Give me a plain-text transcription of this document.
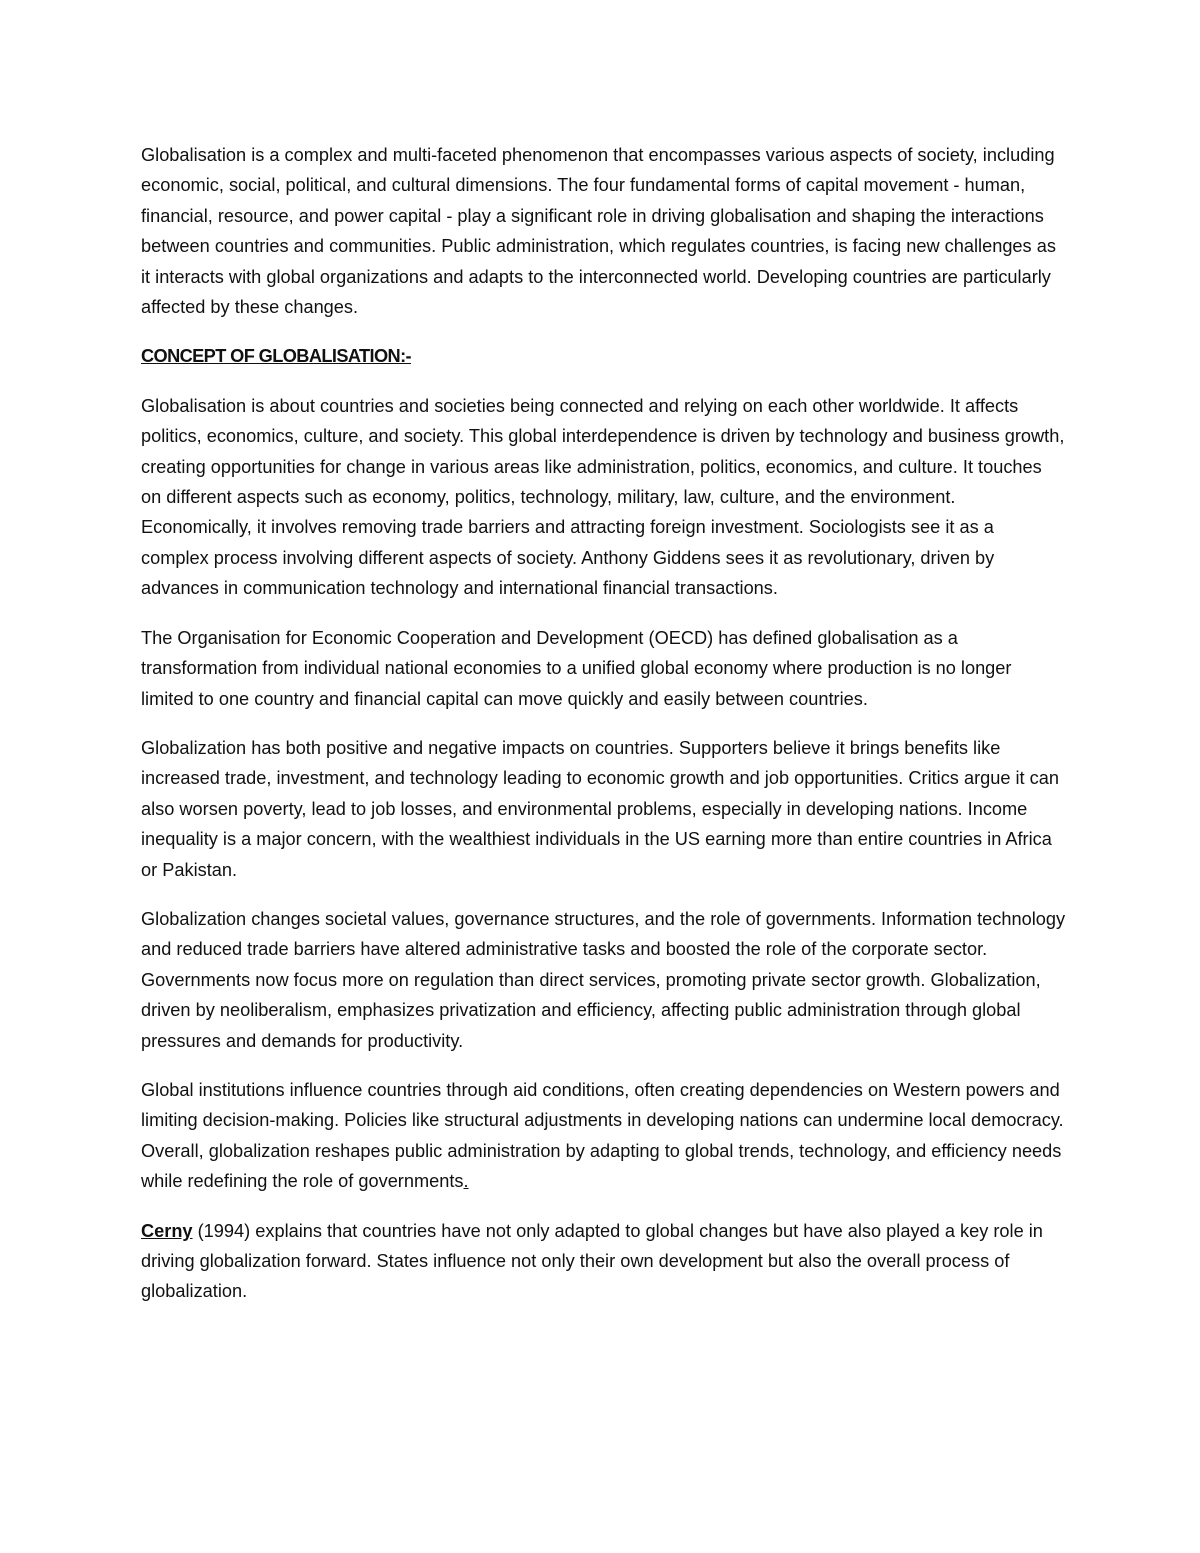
Globalisation is a complex and multi-faceted phenomenon that encompasses various aspects of society, including economic, social, political, and cultural dimensions. The four fundamental forms of capital movement - human, financial, resource, and power capital - play a significant role in driving globalisation and shaping the interactions between countries and communities. Public administration, which regulates countries, is facing new challenges as it interacts with global organizations and adapts to the interconnected world. Developing countries are particularly affected by these changes.

CONCEPT OF GLOBALISATION:-

Globalisation is about countries and societies being connected and relying on each other worldwide. It affects politics, economics, culture, and society. This global interdependence is driven by technology and business growth, creating opportunities for change in various areas like administration, politics, economics, and culture. It touches on different aspects such as economy, politics, technology, military, law, culture, and the environment. Economically, it involves removing trade barriers and attracting foreign investment. Sociologists see it as a complex process involving different aspects of society. Anthony Giddens sees it as revolutionary, driven by advances in communication technology and international financial transactions.

The Organisation for Economic Cooperation and Development (OECD) has defined globalisation as a transformation from individual national economies to a unified global economy where production is no longer limited to one country and financial capital can move quickly and easily between countries.

Globalization has both positive and negative impacts on countries. Supporters believe it brings benefits like increased trade, investment, and technology leading to economic growth and job opportunities. Critics argue it can also worsen poverty, lead to job losses, and environmental problems, especially in developing nations. Income inequality is a major concern, with the wealthiest individuals in the US earning more than entire countries in Africa or Pakistan.

Globalization changes societal values, governance structures, and the role of governments. Information technology and reduced trade barriers have altered administrative tasks and boosted the role of the corporate sector. Governments now focus more on regulation than direct services, promoting private sector growth. Globalization, driven by neoliberalism, emphasizes privatization and efficiency, affecting public administration through global pressures and demands for productivity.

Global institutions influence countries through aid conditions, often creating dependencies on Western powers and limiting decision-making. Policies like structural adjustments in developing nations can undermine local democracy. Overall, globalization reshapes public administration by adapting to global trends, technology, and efficiency needs while redefining the role of governments.

Cerny (1994) explains that countries have not only adapted to global changes but have also played a key role in driving globalization forward. States influence not only their own development but also the overall process of globalization.
